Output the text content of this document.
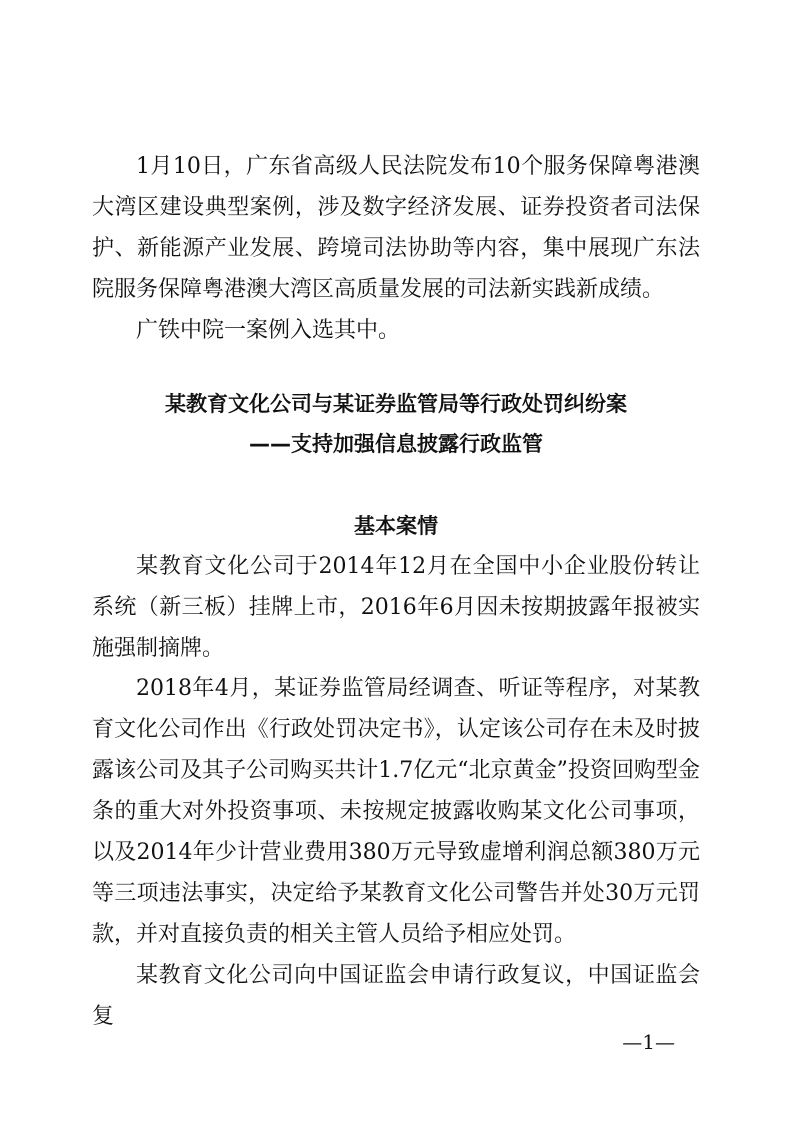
1月10日，广东省高级人民法院发布10个服务保障粤港澳大湾区建设典型案例，涉及数字经济发展、证券投资者司法保护、新能源产业发展、跨境司法协助等内容，集中展现广东法院服务保障粤港澳大湾区高质量发展的司法新实践新成绩。

广铁中院一案例入选其中。

某教育文化公司与某证券监管局等行政处罚纠纷案

——支持加强信息披露行政监管

基本案情

某教育文化公司于2014年12月在全国中小企业股份转让系统（新三板）挂牌上市，2016年6月因未按期披露年报被实施强制摘牌。

2018年4月，某证券监管局经调查、听证等程序，对某教育文化公司作出《行政处罚决定书》，认定该公司存在未及时披露该公司及其子公司购买共计1.7亿元“北京黄金”投资回购型金条的重大对外投资事项、未按规定披露收购某文化公司事项，以及2014年少计营业费用380万元导致虚增利润总额380万元等三项违法事实，决定给予某教育文化公司警告并处30万元罚款，并对直接负责的相关主管人员给予相应处罚。

某教育文化公司向中国证监会申请行政复议，中国证监会复

—1—
